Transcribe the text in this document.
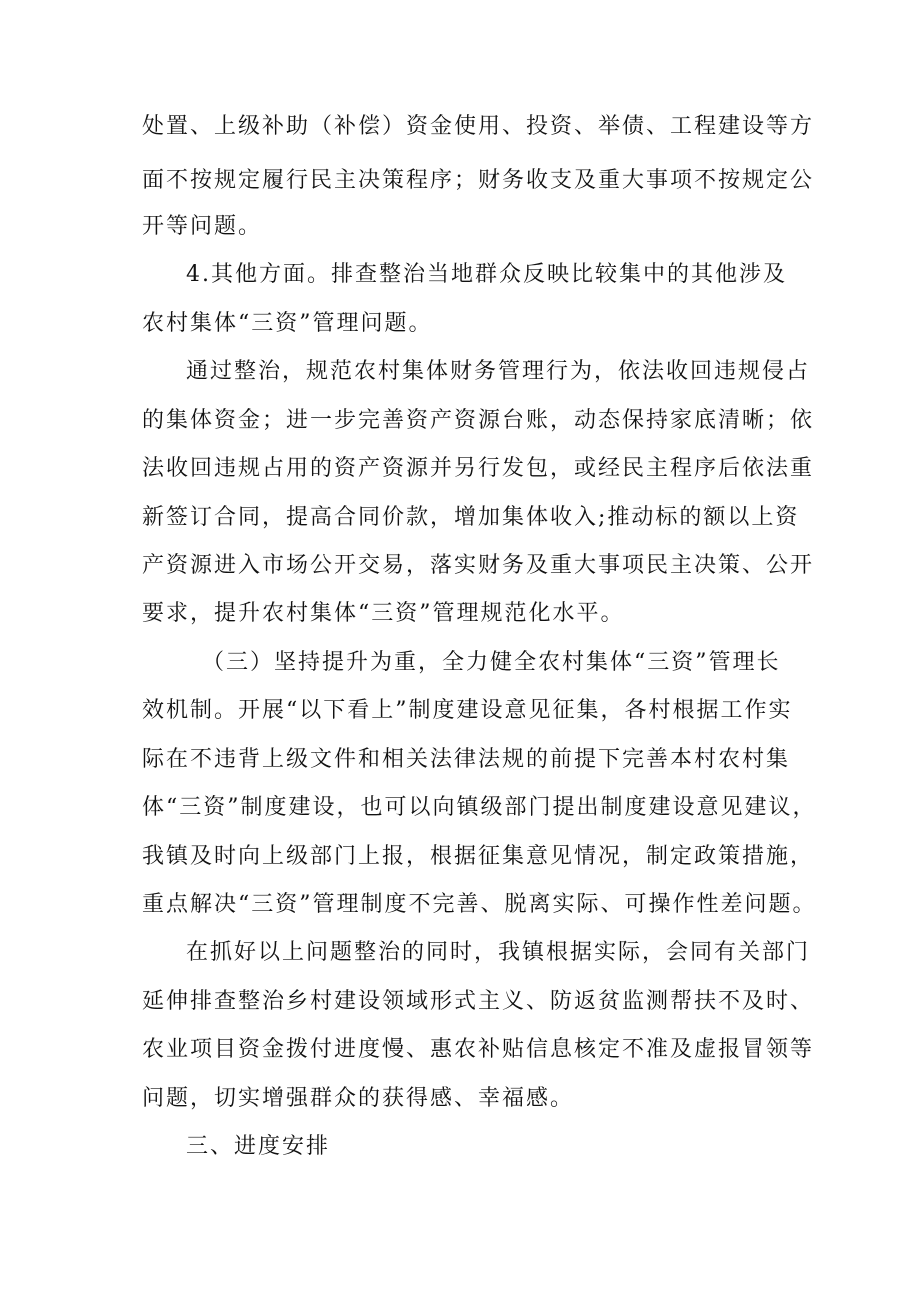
处置、上级补助（补偿）资金使用、投资、举债、工程建设等方

面不按规定履行民主决策程序；财务收支及重大事项不按规定公

开等问题。

4.其他方面。排查整治当地群众反映比较集中的其他涉及

农村集体“三资”管理问题。

通过整治，规范农村集体财务管理行为，依法收回违规侵占

的集体资金；进一步完善资产资源台账，动态保持家底清晰；依

法收回违规占用的资产资源并另行发包，或经民主程序后依法重

新签订合同，提高合同价款，增加集体收入;推动标的额以上资

产资源进入市场公开交易，落实财务及重大事项民主决策、公开

要求，提升农村集体“三资”管理规范化水平。

（三）坚持提升为重，全力健全农村集体“三资”管理长

效机制。开展“以下看上”制度建设意见征集，各村根据工作实

际在不违背上级文件和相关法律法规的前提下完善本村农村集

体“三资”制度建设，也可以向镇级部门提出制度建设意见建议，

我镇及时向上级部门上报，根据征集意见情况，制定政策措施，

重点解决“三资”管理制度不完善、脱离实际、可操作性差问题。

在抓好以上问题整治的同时，我镇根据实际，会同有关部门

延伸排查整治乡村建设领域形式主义、防返贫监测帮扶不及时、

农业项目资金拨付进度慢、惠农补贴信息核定不准及虚报冒领等

问题，切实增强群众的获得感、幸福感。

三、进度安排
